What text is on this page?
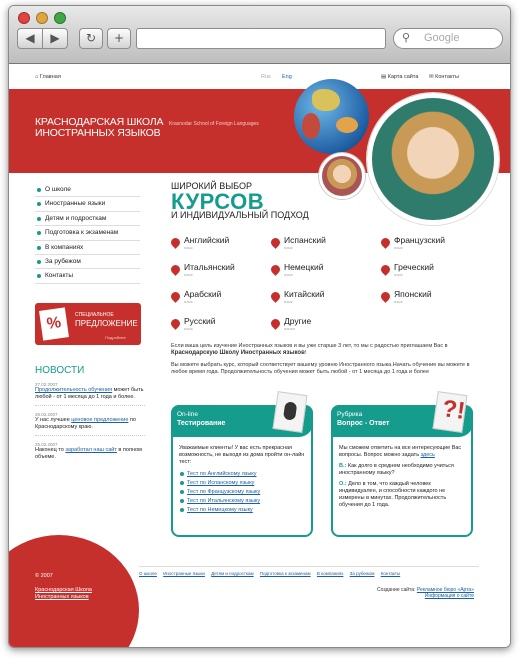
◀	▶	↻	+	⚲ Google
⌂ Главная	Rus Eng	▤ Карта сайта ✉ Контакты
КРАСНОДАРСКАЯ ШКОЛА
ИНОСТРАННЫХ ЯЗЫКОВ
Krasnodar School of Foreign Languages
О школе
Иностранные языки
Детям и подросткам
Подготовка к экзаменам
В компаниях
За рубежом
Контакты
%	СПЕЦИАЛЬНОЕ
ПРЕДЛОЖЕНИЕ
Подробнее
НОВОСТИ
27.02.2007
Продолжительность обучения может быть любой - от 1 месяца до 1 года и более.
26.02.2007
У нас лучшее ценовое предложение по Краснодарскому краю.
25.02.2007
Наконец то заработал наш сайт в полном объеме.
© 2007
Краснодарская Школа
Иностранных языков
ШИРОКИЙ ВЫБОР
КУРСОВ
И ИНДИВИДУАЛЬНЫЙ ПОДХОД

Если ваша цель изучение Иностранных языков и вы уже старше 3 лет, то мы с радостью приглашаем Вас в Краснодарскую Школу Иностранных языков!

Вы можете выбрать курс, который соответствует вашему уровню Иностранного языка.Начать обучение вы можете в любое время года. Продолжительность обучения может быть любой - от 1 месяца до 1 года и более

On-line
Тестирование
Уважаемые клиенты! У вас есть прекрасная возможность, не выходя из дома пройти он-лайн тест:
Тест по Английскому языку
Тест по Испанскому языку
Тест по Французскому языку
Тест по Итальянскому языку
Тест по Немецкому языку
Рубрика
Вопрос - Ответ ?!
Мы сможем ответить на все интересующие Вас вопросы. Вопрос можно задать здесь
В.: Как долго в среднем необходимо учиться иностранному языку?
О.: Дело в том, что каждый человек индивидуален, и способности каждого не измерены в минутах. Продолжительность обучения до 1 года.
О школе Иностранные языки Детям и подросткам Подготовка к экзаменам В компаниях За рубежом Контакты
Создание сайта: Рекламное бюро «Арта»
Информация о сайте
Английский
язык
Испанский
язык
Французский
язык
Итальянский
язык
Немецкий
язык
Греческий
язык
Арабский
язык
Китайский
язык
Японский
язык
Русский
язык
Другие
языки
